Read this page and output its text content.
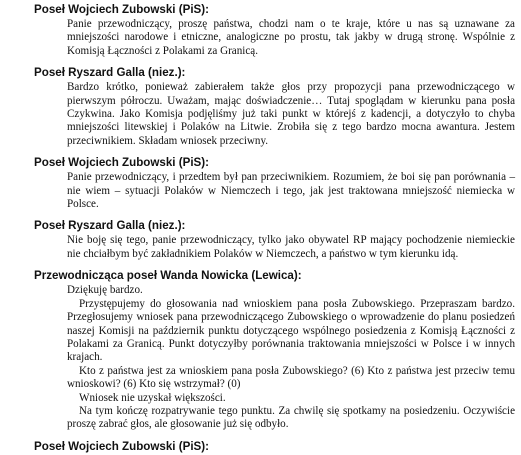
Poseł Wojciech Zubowski (PiS):

Panie przewodniczący, proszę państwa, chodzi nam o te kraje, które u nas są uznawane za mniejszości narodowe i etniczne, analogiczne po prostu, tak jakby w drugą stronę. Wspólnie z Komisją Łączności z Polakami za Granicą.

Poseł Ryszard Galla (niez.):

Bardzo krótko, ponieważ zabierałem także głos przy propozycji pana przewodniczącego w pierwszym półroczu. Uważam, mając doświadczenie… Tutaj spoglądam w kierunku pana posła Czykwina. Jako Komisja podjęliśmy już taki punkt w którejś z kadencji, a dotyczyło to chyba mniejszości litewskiej i Polaków na Litwie. Zrobiła się z tego bardzo mocna awantura. Jestem przeciwnikiem. Składam wniosek przeciwny.

Poseł Wojciech Zubowski (PiS):

Panie przewodniczący, i przedtem był pan przeciwnikiem. Rozumiem, że boi się pan porównania – nie wiem – sytuacji Polaków w Niemczech i tego, jak jest traktowana mniejszość niemiecka w Polsce.

Poseł Ryszard Galla (niez.):

Nie boję się tego, panie przewodniczący, tylko jako obywatel RP mający pochodzenie niemieckie nie chciałbym być zakładnikiem Polaków w Niemczech, a państwo w tym kierunku idą.

Przewodnicząca poseł Wanda Nowicka (Lewica):

Dziękuję bardzo.

Przystępujemy do głosowania nad wnioskiem pana posła Zubowskiego. Przepraszam bardzo. Przegłosujemy wniosek pana przewodniczącego Zubowskiego o wprowadzenie do planu posiedzeń naszej Komisji na październik punktu dotyczącego wspólnego posiedzenia z Komisją Łączności z Polakami za Granicą. Punkt dotyczyłby porównania traktowania mniejszości w Polsce i w innych krajach.

Kto z państwa jest za wnioskiem pana posła Zubowskiego? (6) Kto z państwa jest przeciw temu wnioskowi? (6) Kto się wstrzymał? (0)

Wniosek nie uzyskał większości.

Na tym kończę rozpatrywanie tego punktu. Za chwilę się spotkamy na posiedzeniu. Oczywiście proszę zabrać głos, ale głosowanie już się odbyło.

Poseł Wojciech Zubowski (PiS):
